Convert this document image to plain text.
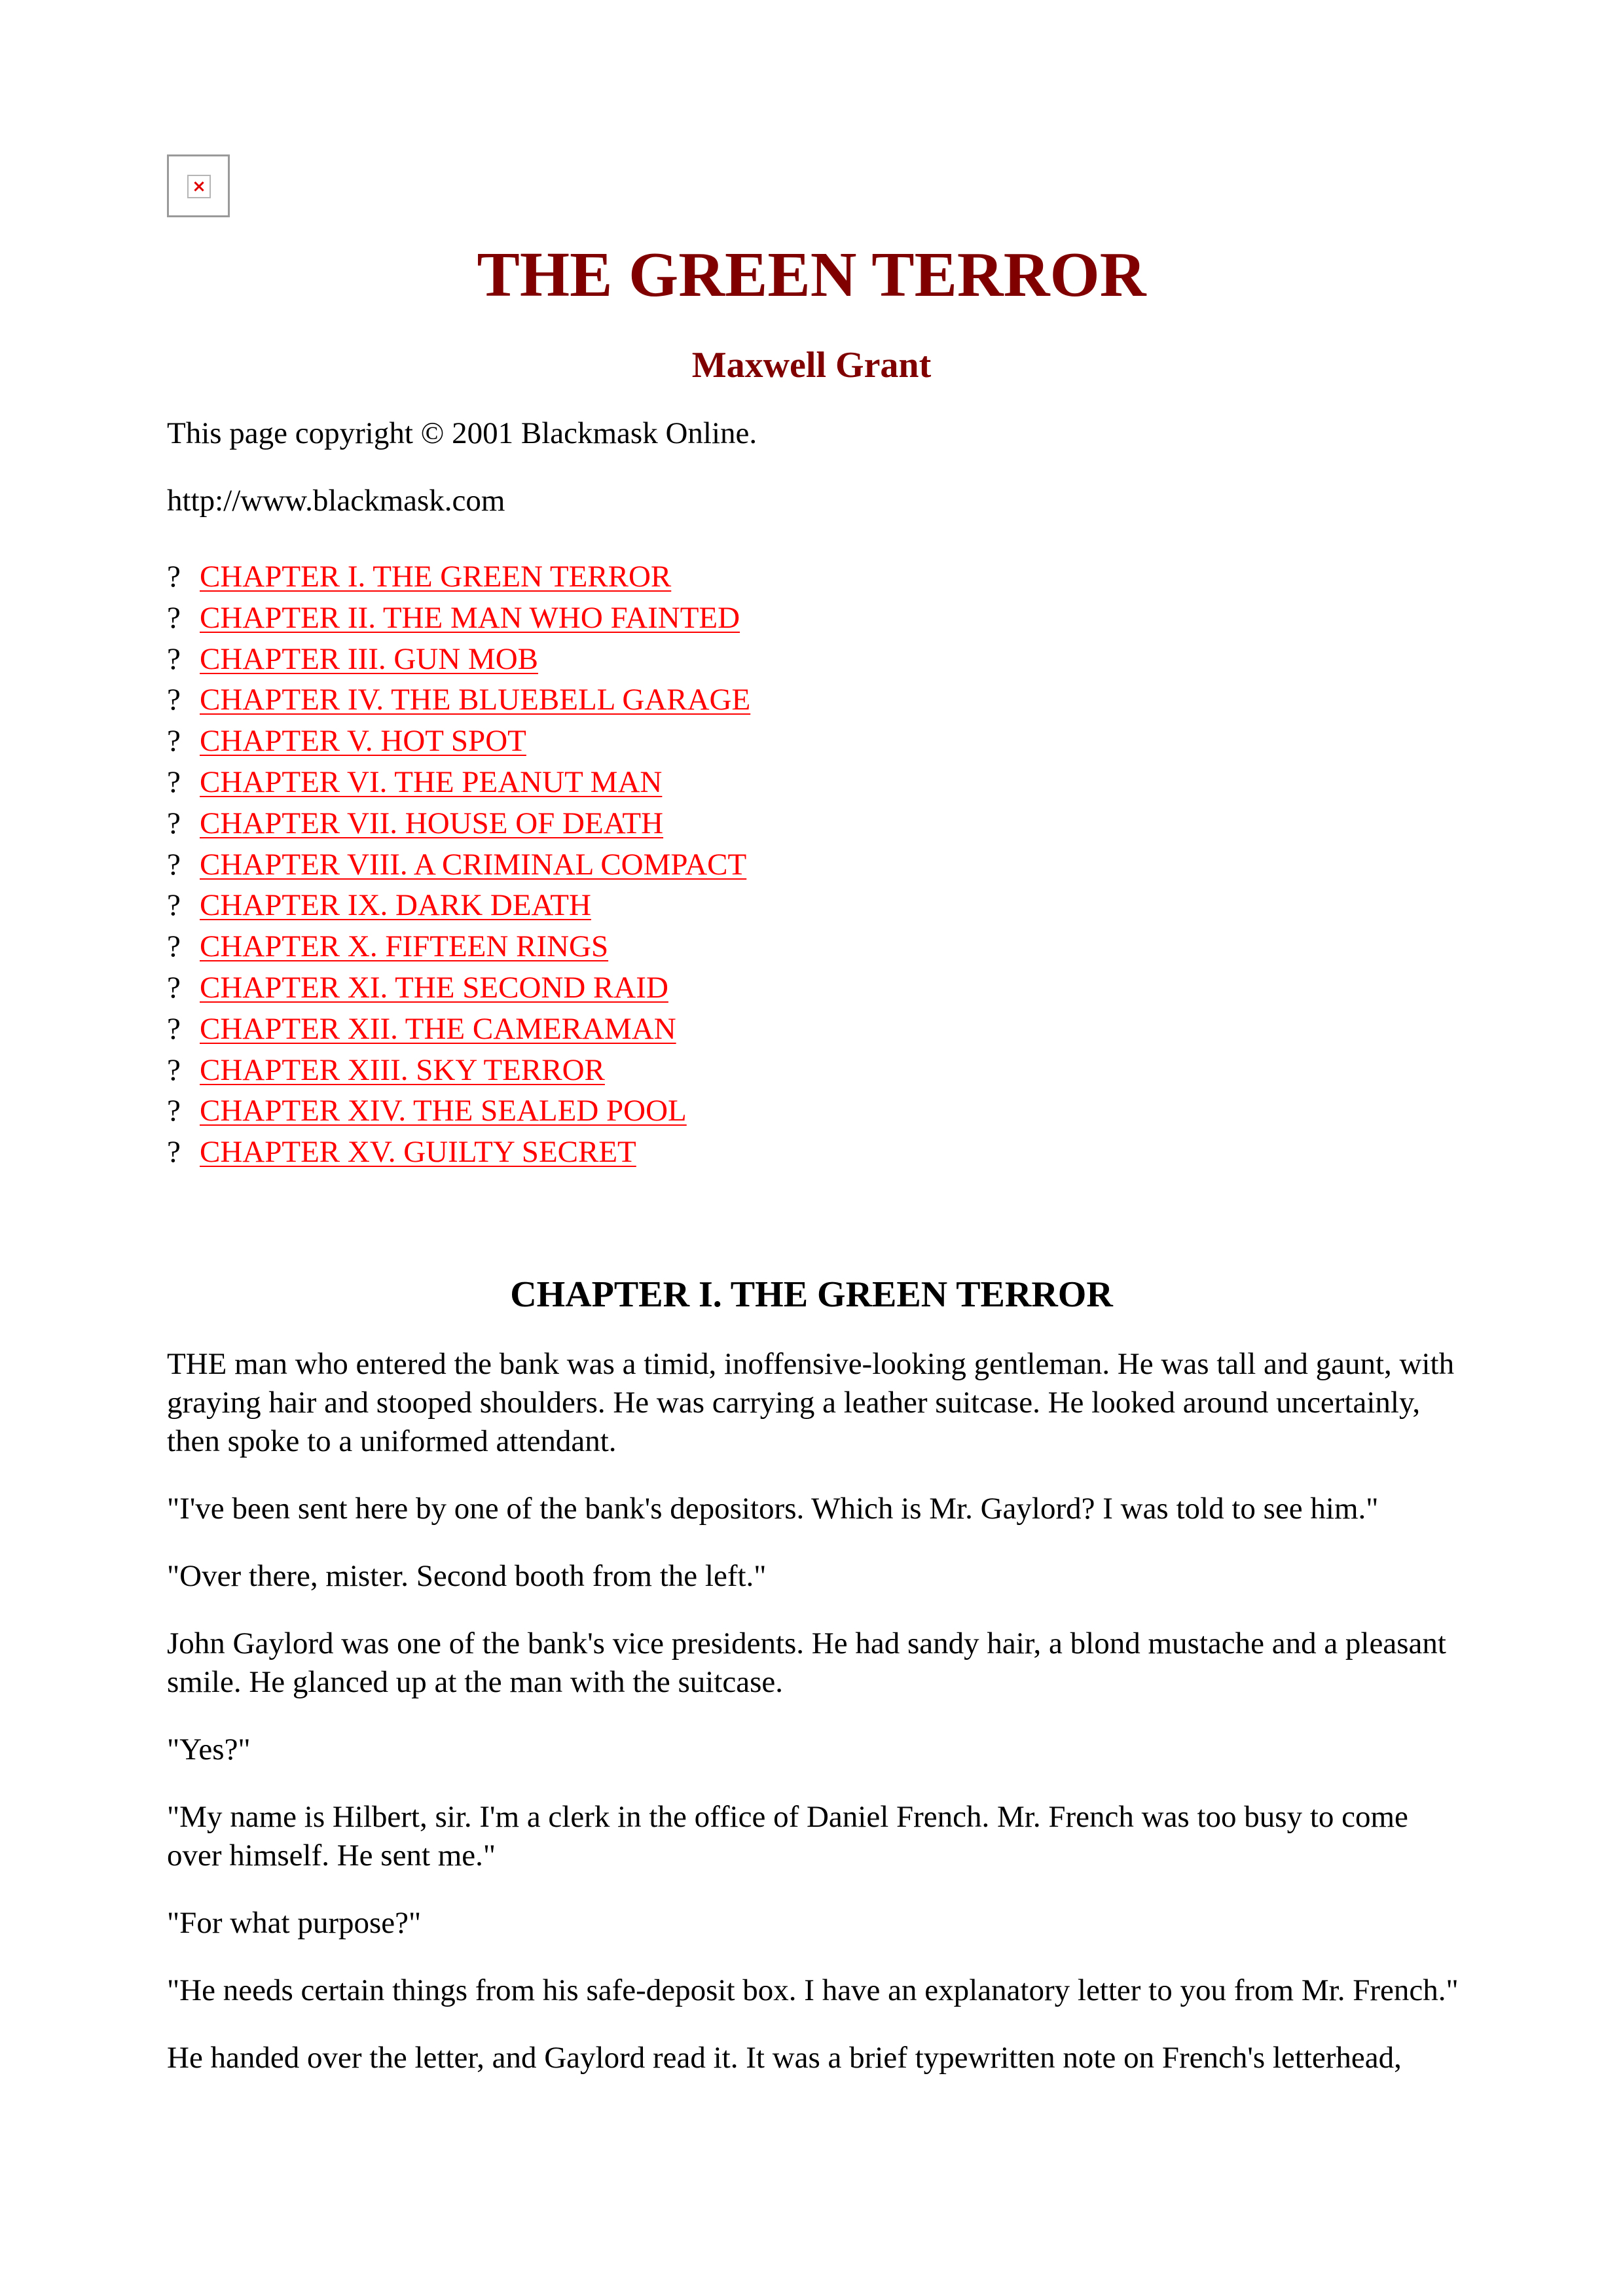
×
THE GREEN TERROR
Maxwell Grant

This page copyright © 2001 Blackmask Online.

http://www.blackmask.com

? CHAPTER I. THE GREEN TERROR
? CHAPTER II. THE MAN WHO FAINTED
? CHAPTER III. GUN MOB
? CHAPTER IV. THE BLUEBELL GARAGE
? CHAPTER V. HOT SPOT
? CHAPTER VI. THE PEANUT MAN
? CHAPTER VII. HOUSE OF DEATH
? CHAPTER VIII. A CRIMINAL COMPACT
? CHAPTER IX. DARK DEATH
? CHAPTER X. FIFTEEN RINGS
? CHAPTER XI. THE SECOND RAID
? CHAPTER XII. THE CAMERAMAN
? CHAPTER XIII. SKY TERROR
? CHAPTER XIV. THE SEALED POOL
? CHAPTER XV. GUILTY SECRET
CHAPTER I. THE GREEN TERROR

THE man who entered the bank was a timid, inoffensive-looking gentleman. He was tall and gaunt, with graying hair and stooped shoulders. He was carrying a leather suitcase. He looked around uncertainly, then spoke to a uniformed attendant.

"I've been sent here by one of the bank's depositors. Which is Mr. Gaylord? I was told to see him."

"Over there, mister. Second booth from the left."

John Gaylord was one of the bank's vice presidents. He had sandy hair, a blond mustache and a pleasant smile. He glanced up at the man with the suitcase.

"Yes?"

"My name is Hilbert, sir. I'm a clerk in the office of Daniel French. Mr. French was too busy to come over himself. He sent me."

"For what purpose?"

"He needs certain things from his safe-deposit box. I have an explanatory letter to you from Mr. French."

He handed over the letter, and Gaylord read it. It was a brief typewritten note on French's letterhead,
